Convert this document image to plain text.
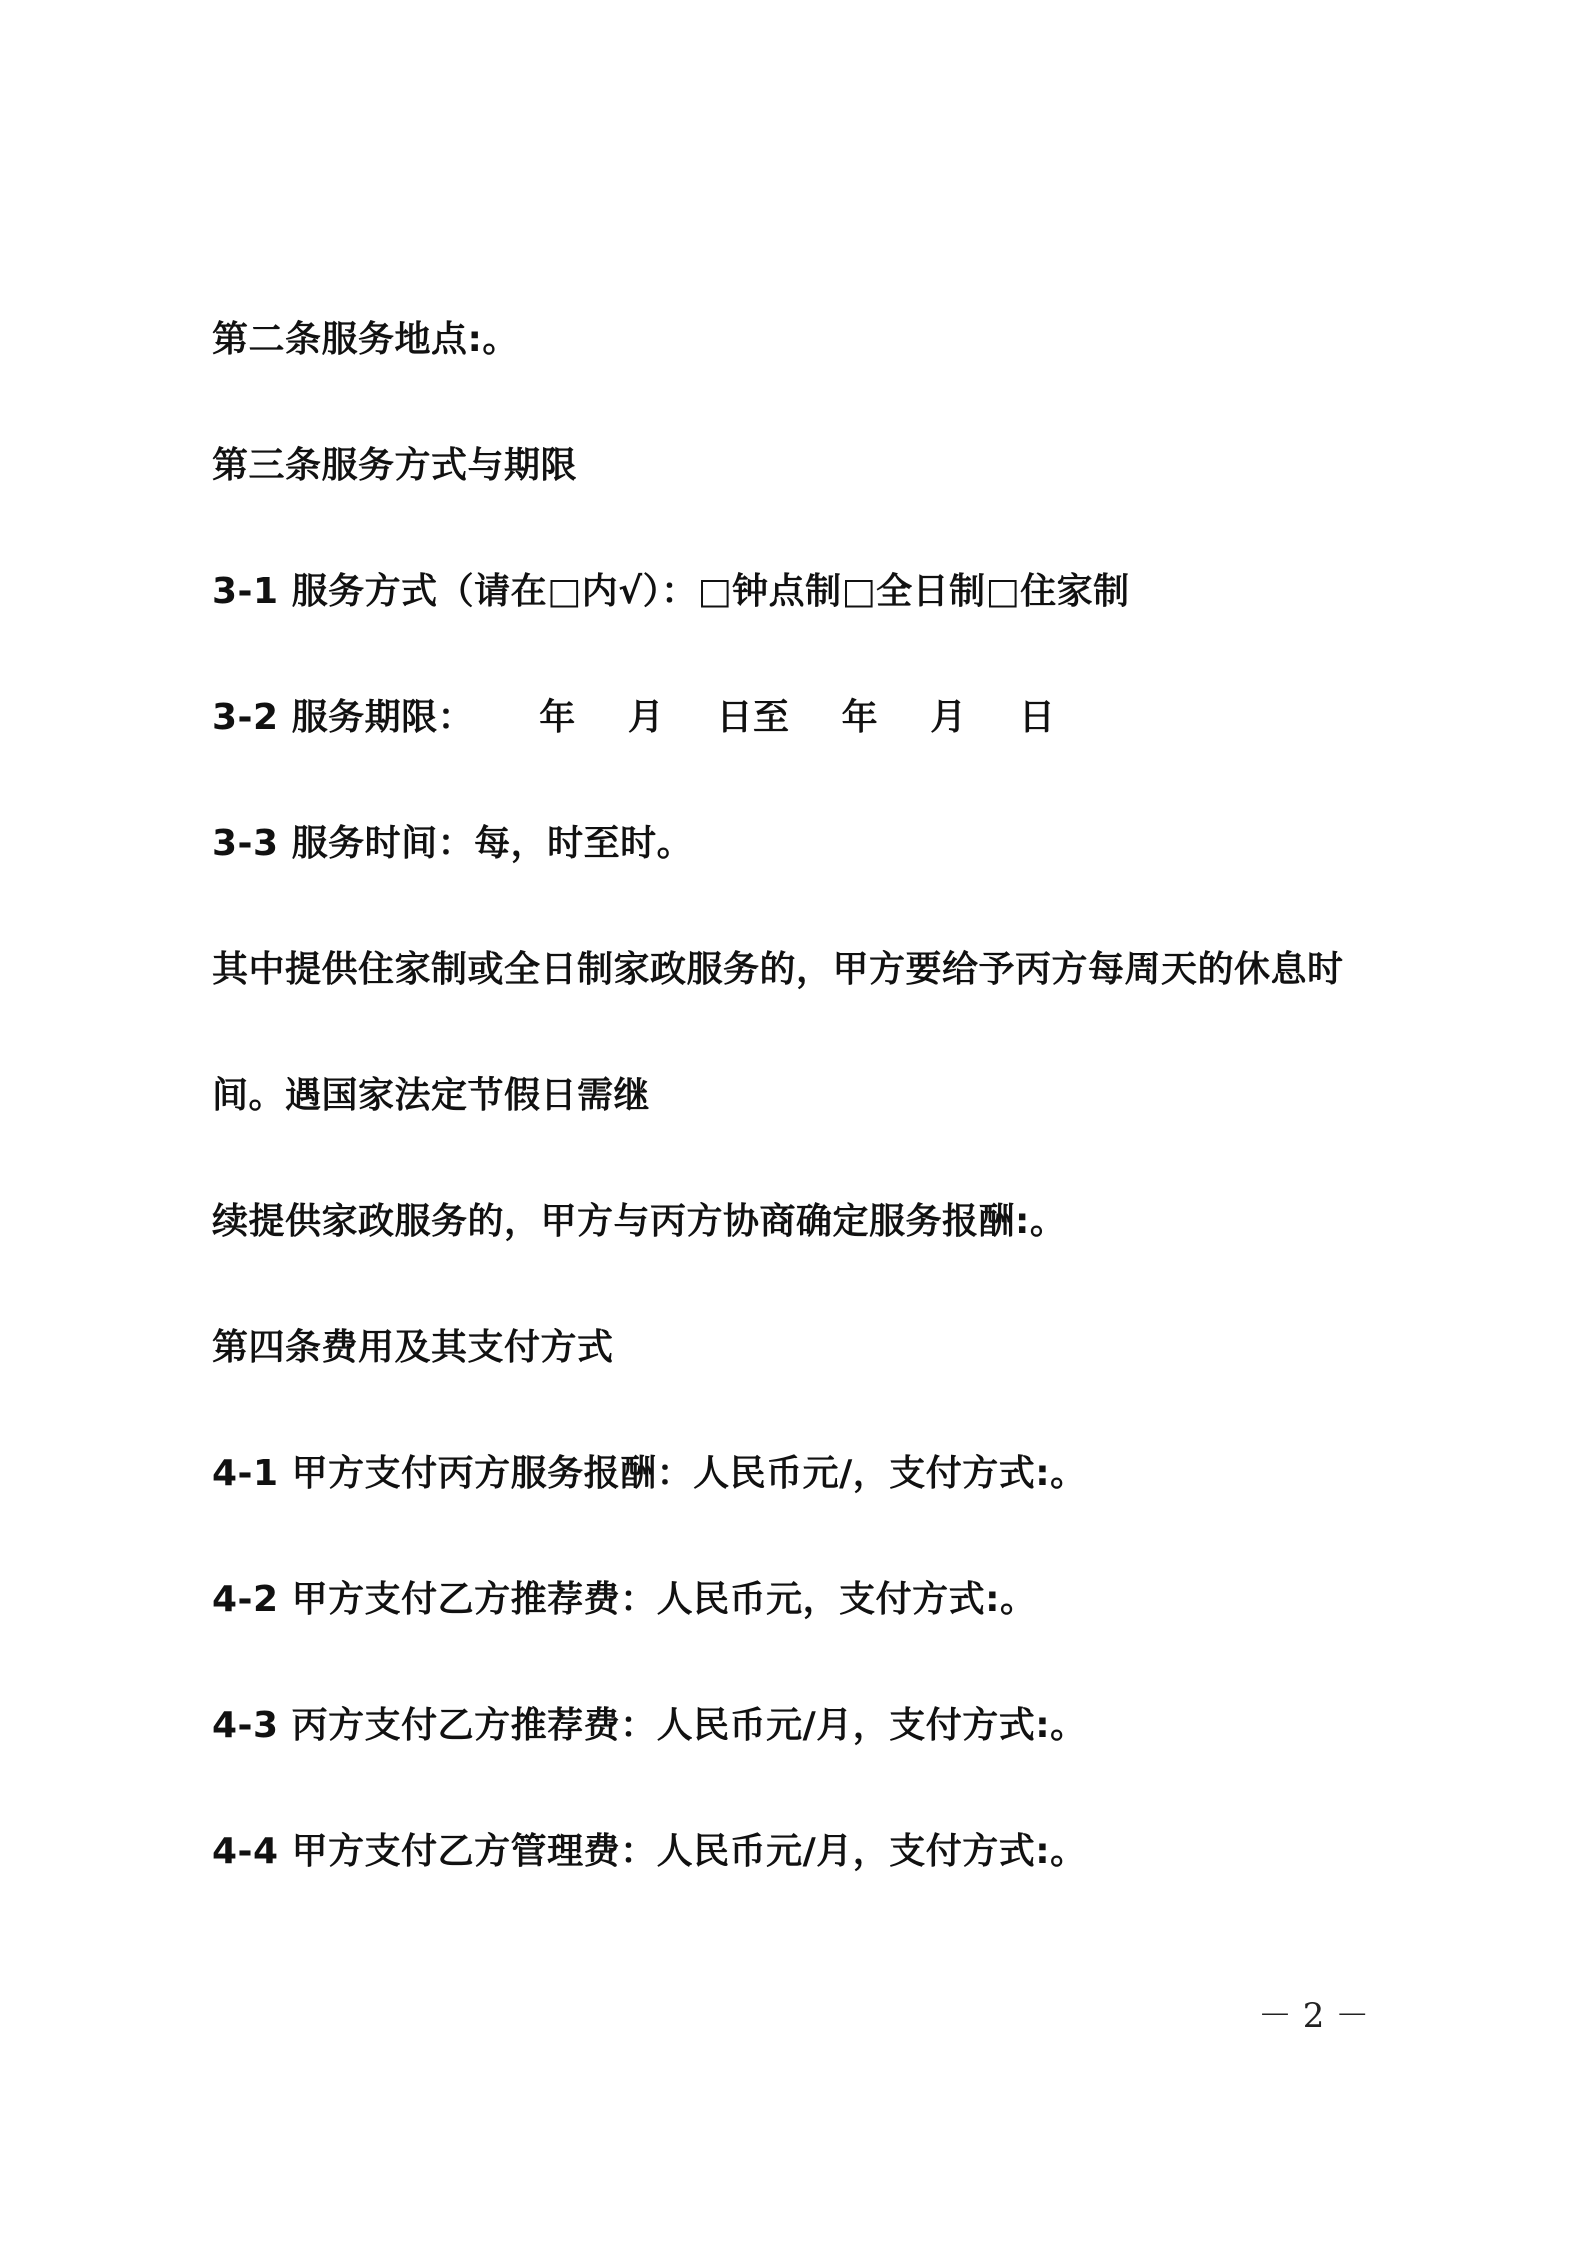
第二条服务地点:。
第三条服务方式与期限
3-1 服务方式（请在□内√）：□钟点制□全日制□住家制
3-2 服务期限：     年    月    日至    年    月    日
3-3 服务时间：每，时至时。
其中提供住家制或全日制家政服务的，甲方要给予丙方每周天的休息时
间。遇国家法定节假日需继
续提供家政服务的，甲方与丙方协商确定服务报酬:。
第四条费用及其支付方式
4-1 甲方支付丙方服务报酬：人民币元/，支付方式:。
4-2 甲方支付乙方推荐费：人民币元，支付方式:。
4-3 丙方支付乙方推荐费：人民币元/月，支付方式:。
4-4 甲方支付乙方管理费：人民币元/月，支付方式:。
－ 2 －
